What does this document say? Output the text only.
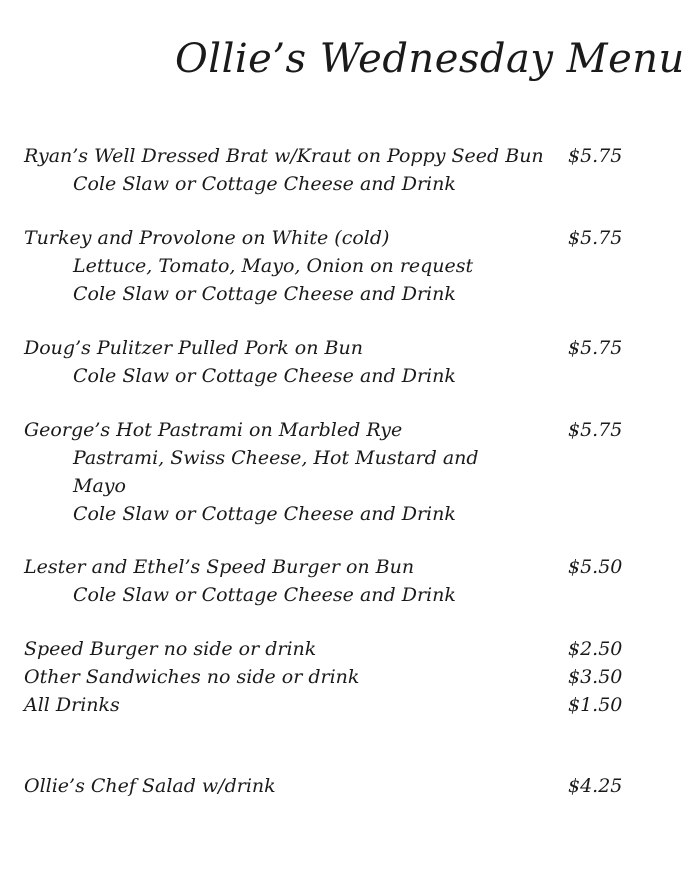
Ollie’s Wednesday Menu
Ryan’s Well Dressed Brat w/Kraut on Poppy Seed Bun $5.75
Cole Slaw or Cottage Cheese and Drink
Turkey and Provolone on White (cold)	$5.75
Lettuce, Tomato, Mayo, Onion on request
Cole Slaw or Cottage Cheese and Drink
Doug’s Pulitzer Pulled Pork on Bun	$5.75
Cole Slaw or Cottage Cheese and Drink
George’s Hot Pastrami on Marbled Rye	$5.75
Pastrami, Swiss Cheese, Hot Mustard and
Mayo
Cole Slaw or Cottage Cheese and Drink
Lester and Ethel’s Speed Burger on Bun	$5.50
Cole Slaw or Cottage Cheese and Drink
Speed Burger no side or drink	$2.50
Other Sandwiches no side or drink	$3.50
All Drinks	$1.50
Ollie’s Chef Salad w/drink	$4.25
